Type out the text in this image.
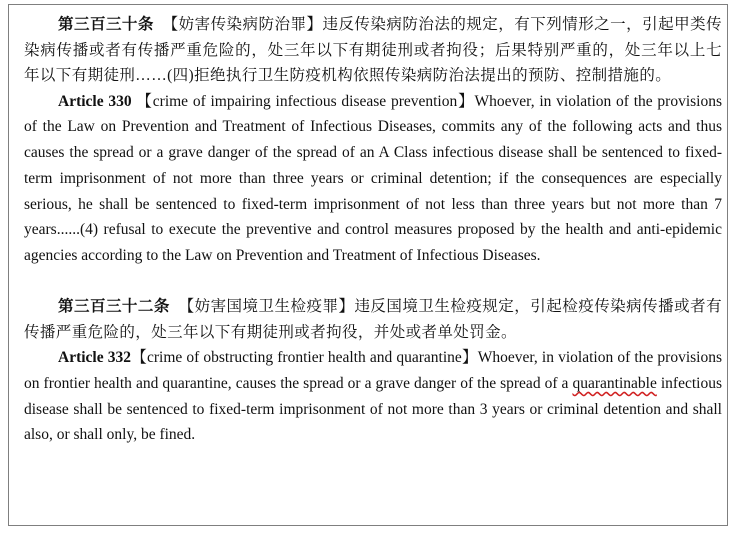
第三百三十条 【妨害传染病防治罪】违反传染病防治法的规定，有下列情形之一，引起甲类传染病传播或者有传播严重危险的，处三年以下有期徒刑或者拘役；后果特别严重的，处三年以上七年以下有期徒刑……(四)拒绝执行卫生防疫机构依照传染病防治法提出的预防、控制措施的。

Article 330 【crime of impairing infectious disease prevention】Whoever, in violation of the provisions of the Law on Prevention and Treatment of Infectious Diseases, commits any of the following acts and thus causes the spread or a grave danger of the spread of an A Class infectious disease shall be sentenced to fixed-term imprisonment of not more than three years or criminal detention; if the consequences are especially serious, he shall be sentenced to fixed-term imprisonment of not less than three years but not more than 7 years......(4) refusal to execute the preventive and control measures proposed by the health and anti-epidemic agencies according to the Law on Prevention and Treatment of Infectious Diseases.

第三百三十二条 【妨害国境卫生检疫罪】违反国境卫生检疫规定，引起检疫传染病传播或者有传播严重危险的，处三年以下有期徒刑或者拘役，并处或者单处罚金。

Article 332【crime of obstructing frontier health and quarantine】Whoever, in violation of the provisions on frontier health and quarantine, causes the spread or a grave danger of the spread of a quarantinable infectious disease shall be sentenced to fixed-term imprisonment of not more than 3 years or criminal detention and shall also, or shall only, be fined.
